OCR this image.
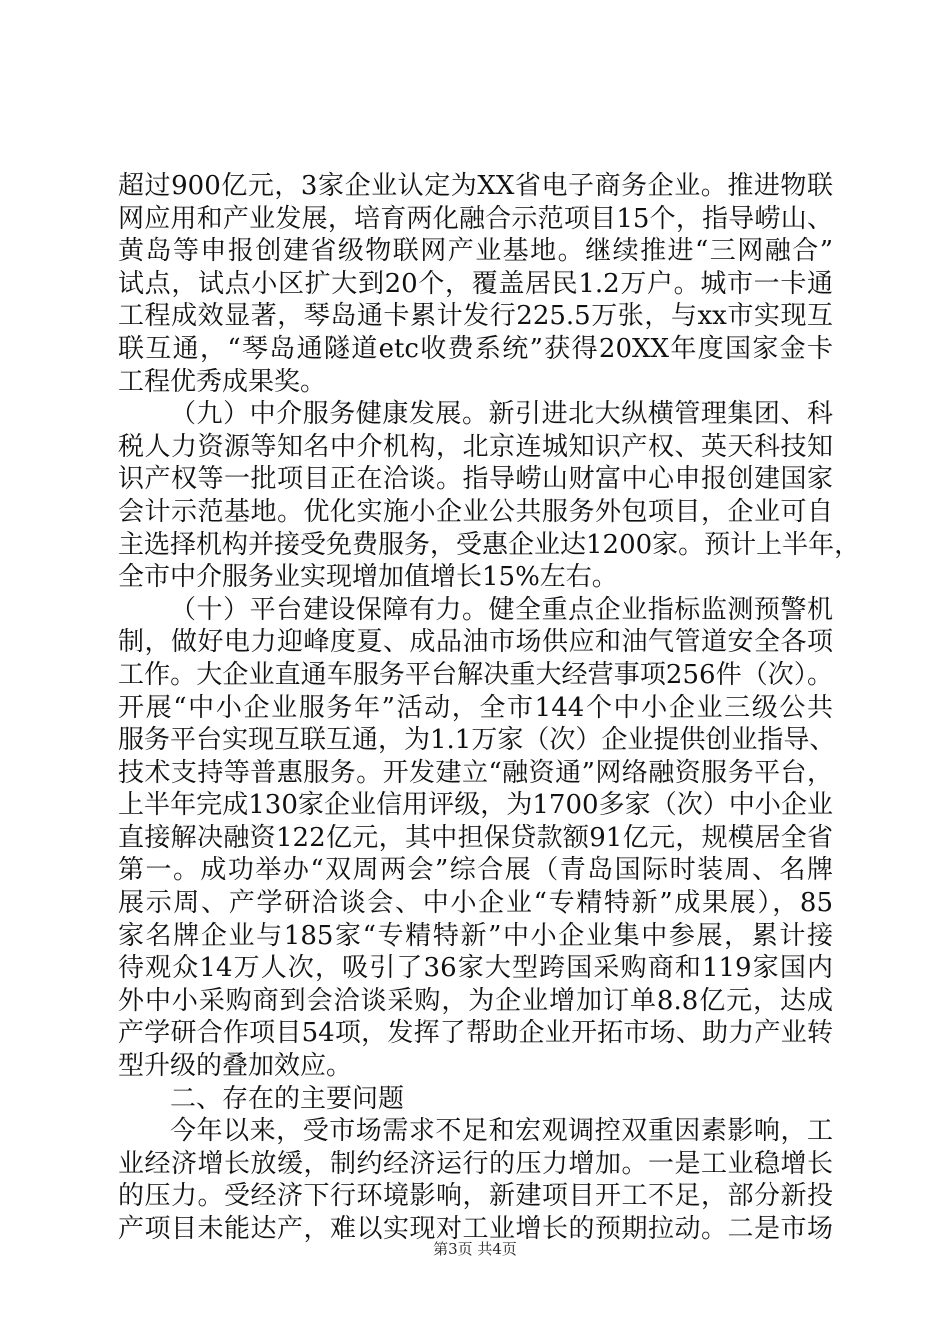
超过900亿元，3家企业认定为XX省电子商务企业。推进物联
网应用和产业发展，培育两化融合示范项目15个，指导崂山、
黄岛等申报创建省级物联网产业基地。继续推进“三网融合”
试点，试点小区扩大到20个，覆盖居民1.2万户。城市一卡通
工程成效显著，琴岛通卡累计发行225.5万张，与xx市实现互
联互通，“琴岛通隧道etc收费系统”获得20XX年度国家金卡
工程优秀成果奖。
（九）中介服务健康发展。新引进北大纵横管理集团、科
税人力资源等知名中介机构，北京连城知识产权、英天科技知
识产权等一批项目正在洽谈。指导崂山财富中心申报创建国家
会计示范基地。优化实施小企业公共服务外包项目，企业可自
主选择机构并接受免费服务，受惠企业达1200家。预计上半年，
全市中介服务业实现增加值增长15%左右。
（十）平台建设保障有力。健全重点企业指标监测预警机
制，做好电力迎峰度夏、成品油市场供应和油气管道安全各项
工作。大企业直通车服务平台解决重大经营事项256件（次）。
开展“中小企业服务年”活动，全市144个中小企业三级公共
服务平台实现互联互通，为1.1万家（次）企业提供创业指导、
技术支持等普惠服务。开发建立“融资通”网络融资服务平台，
上半年完成130家企业信用评级，为1700多家（次）中小企业
直接解决融资122亿元，其中担保贷款额91亿元，规模居全省
第一。成功举办“双周两会”综合展（青岛国际时装周、名牌
展示周、产学研洽谈会、中小企业“专精特新”成果展），85
家名牌企业与185家“专精特新”中小企业集中参展，累计接
待观众14万人次，吸引了36家大型跨国采购商和119家国内
外中小采购商到会洽谈采购，为企业增加订单8.8亿元，达成
产学研合作项目54项，发挥了帮助企业开拓市场、助力产业转
型升级的叠加效应。
二、存在的主要问题
今年以来，受市场需求不足和宏观调控双重因素影响，工
业经济增长放缓，制约经济运行的压力增加。一是工业稳增长
的压力。受经济下行环境影响，新建项目开工不足，部分新投
产项目未能达产，难以实现对工业增长的预期拉动。二是市场
第3页 共4页
